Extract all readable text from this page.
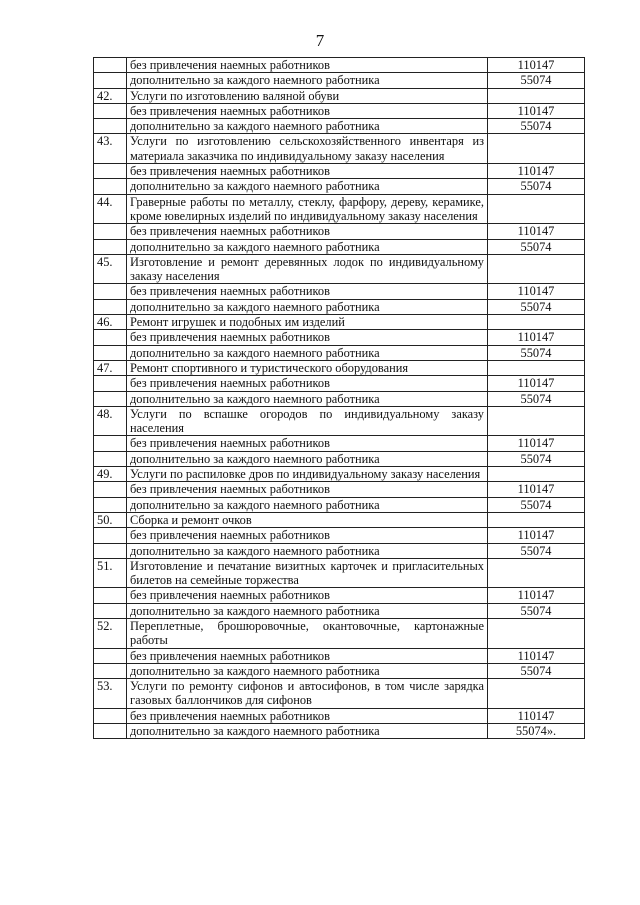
7
	без привлечения наемных работников	110147
	дополнительно за каждого наемного работника	55074
42.	Услуги по изготовлению валяной обуви	
	без привлечения наемных работников	110147
	дополнительно за каждого наемного работника	55074
43.	Услуги по изготовлению сельскохозяйственного инвентаря из материала заказчика по индивидуальному заказу населения	
	без привлечения наемных работников	110147
	дополнительно за каждого наемного работника	55074
44.	Граверные работы по металлу, стеклу, фарфору, дереву, керамике, кроме ювелирных изделий по индивидуальному заказу населения	
	без привлечения наемных работников	110147
	дополнительно за каждого наемного работника	55074
45.	Изготовление и ремонт деревянных лодок по индивидуальному заказу населения	
	без привлечения наемных работников	110147
	дополнительно за каждого наемного работника	55074
46.	Ремонт игрушек и подобных им изделий	
	без привлечения наемных работников	110147
	дополнительно за каждого наемного работника	55074
47.	Ремонт спортивного и туристического оборудования	
	без привлечения наемных работников	110147
	дополнительно за каждого наемного работника	55074
48.	Услуги по вспашке огородов по индивидуальному заказу населения	
	без привлечения наемных работников	110147
	дополнительно за каждого наемного работника	55074
49.	Услуги по распиловке дров по индивидуальному заказу населения	
	без привлечения наемных работников	110147
	дополнительно за каждого наемного работника	55074
50.	Сборка и ремонт очков	
	без привлечения наемных работников	110147
	дополнительно за каждого наемного работника	55074
51.	Изготовление и печатание визитных карточек и пригласительных билетов на семейные торжества	
	без привлечения наемных работников	110147
	дополнительно за каждого наемного работника	55074
52.	Переплетные, брошюровочные, окантовочные, картонажные работы	
	без привлечения наемных работников	110147
	дополнительно за каждого наемного работника	55074
53.	Услуги по ремонту сифонов и автосифонов, в том числе зарядка газовых баллончиков для сифонов	
	без привлечения наемных работников	110147
	дополнительно за каждого наемного работника	55074».
